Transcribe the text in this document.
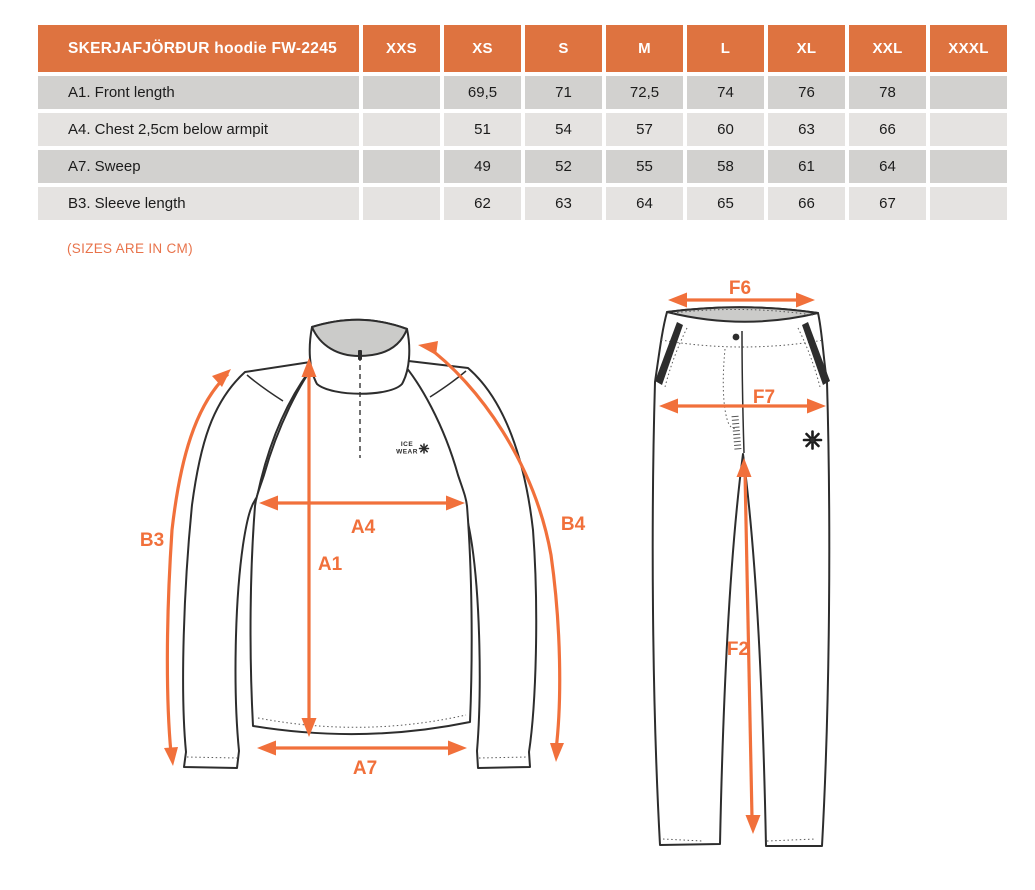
SKERJAFJÖRÐUR hoodie FW-2245	XXS	XS	S	M	L	XL	XXL	XXXL
A1. Front length		69,5	71	72,5	74	76	78	
A4. Chest 2,5cm below armpit		51	54	57	60	63	66	
A7. Sweep		49	52	55	58	61	64	
B3. Sleeve length		62	63	64	65	66	67	
(SIZES ARE IN CM)
ICE
WEAR
B3
B4
A4
A1
A7
F6
F7
F2
